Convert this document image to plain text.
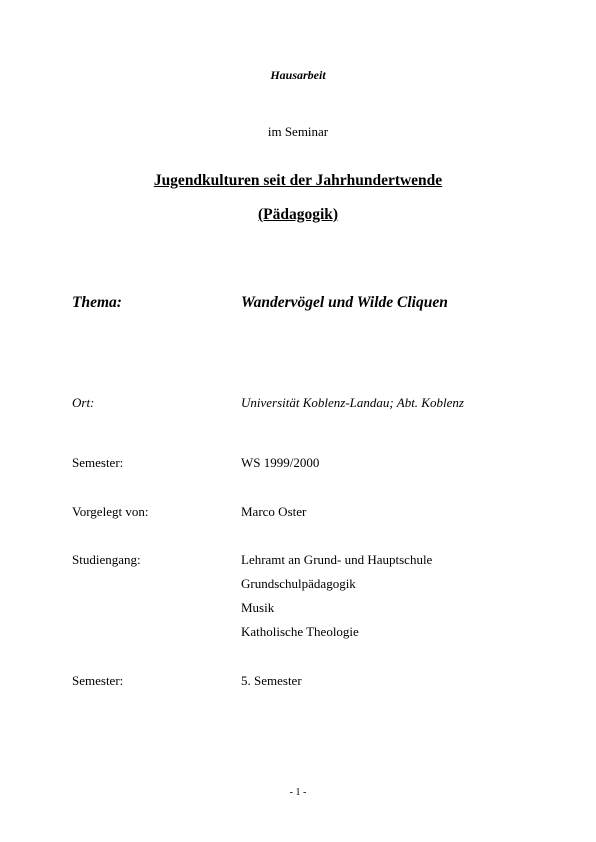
Hausarbeit
im Seminar
Jugendkulturen seit der Jahrhundertwende
(Pädagogik)
Thema:	Wandervögel und Wilde Cliquen
Ort:	Universität Koblenz-Landau; Abt. Koblenz
Semester:	WS 1999/2000
Vorgelegt von:	Marco Oster
Studiengang:	Lehramt an Grund- und Hauptschule
Grundschulpädagogik
Musik
Katholische Theologie
Semester:	5. Semester
- 1 -
